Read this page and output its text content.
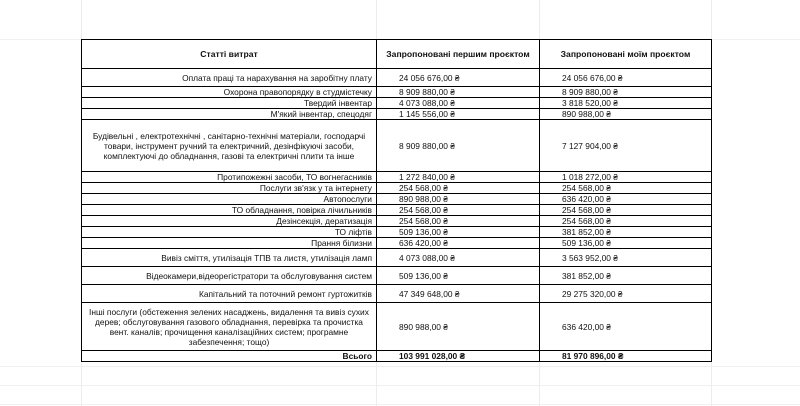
Статті витрат	Запропоновані першим проєктом	Запропоновані моїм проєктом
Оплата праці та нарахування на заробітну плату	24 056 676,00 ₴	24 056 676,00 ₴
Охорона правопорядку в студмістечку	8 909 880,00 ₴	8 909 880,00 ₴
Твердий інвентар	4 073 088,00 ₴	3 818 520,00 ₴
М'який інвентар, спецодяг	1 145 556,00 ₴	890 988,00 ₴
Будівельні , електротехнічні , санітарно-технічні матеріали, господарчі товари, інструмент ручний та електричний, дезінфікуючі засоби, комплектуючі до обладнання, газові та електричні плити та інше	8 909 880,00 ₴	7 127 904,00 ₴
Протипожежні засоби, ТО вогнегасників	1 272 840,00 ₴	1 018 272,00 ₴
Послуги зв'язк у та інтернету	254 568,00 ₴	254 568,00 ₴
Автопослуги	890 988,00 ₴	636 420,00 ₴
ТО обладнання, повірка лічильників	254 568,00 ₴	254 568,00 ₴
Дезінсекція, дератизація	254 568,00 ₴	254 568,00 ₴
ТО ліфтів	509 136,00 ₴	381 852,00 ₴
Прання білизни	636 420,00 ₴	509 136,00 ₴
Вивіз сміття, утилізація ТПВ та листя, утилізація ламп	4 073 088,00 ₴	3 563 952,00 ₴
Відеокамери,відеорегістратори та обслуговування систем	509 136,00 ₴	381 852,00 ₴
Капітальний та поточний ремонт гуртожитків	47 349 648,00 ₴	29 275 320,00 ₴
Інші послуги (обстеження зелених насаджень, видалення та вивіз сухих дерев; обслуговування газового обладнання, перевірка та прочистка вент. каналів; прочищення каналізаційних систем; програмне забезпечення; тощо)	890 988,00 ₴	636 420,00 ₴
Всього	103 991 028,00 ₴	81 970 896,00 ₴
